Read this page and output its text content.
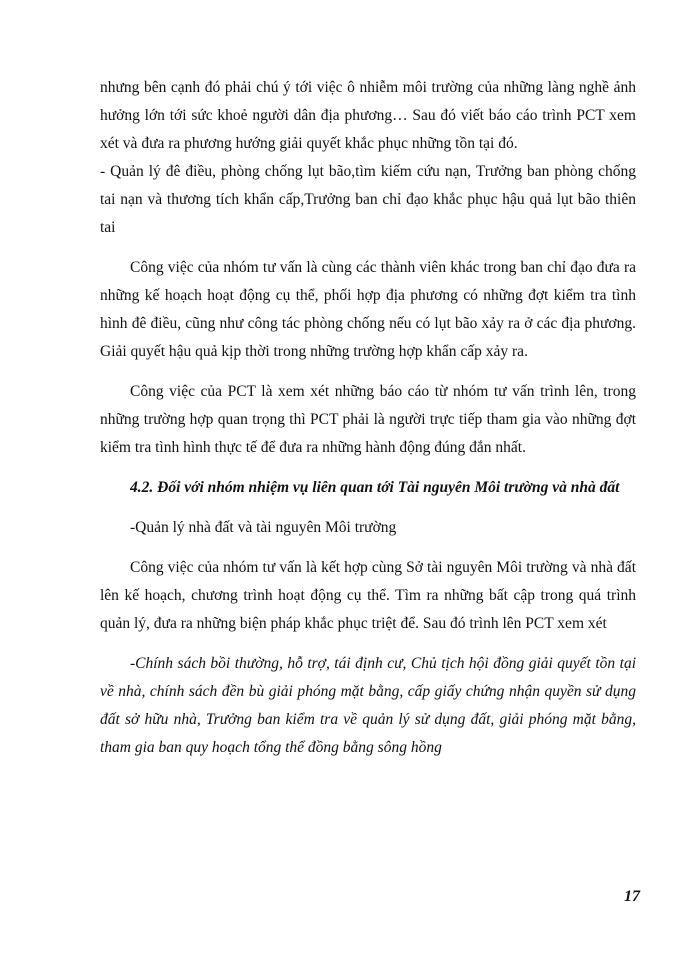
nhưng bên cạnh đó phải chú ý tới việc ô nhiễm môi trường của những làng nghề ảnh hưởng lớn tới sức khoẻ người dân địa phương… Sau đó viết báo cáo trình PCT xem xét và đưa ra phương hướng giải quyết khắc phục những tồn tại đó.

- Quản lý đê điều, phòng chống lụt bão,tìm kiếm cứu nạn, Trưởng ban phòng chống tai nạn và thương tích khẩn cấp,Trưởng ban chỉ đạo khắc phục hậu quả lụt bão thiên tai

Công việc của nhóm tư vấn là cùng các thành viên khác trong ban chỉ đạo đưa ra những kế hoạch hoạt động cụ thể, phối hợp địa phương có những đợt kiểm tra tình hình đê điều, cũng như công tác phòng chống nếu có lụt bão xảy ra ở các địa phương. Giải quyết hậu quả kịp thời trong những trường hợp khẩn cấp xảy ra.

Công việc của PCT là xem xét những báo cáo từ nhóm tư vấn trình lên, trong những trường hợp quan trọng thì PCT phải là người trực tiếp tham gia vào những đợt kiểm tra tình hình thực tế để đưa ra những hành động đúng đắn nhất.

4.2. Đối với nhóm nhiệm vụ liên quan tới Tài nguyên Môi trường và nhà đất

-Quản lý nhà đất và tài nguyên Môi trường

Công việc của nhóm tư vấn là kết hợp cùng Sở tài nguyên Môi trường và nhà đất lên kế hoạch, chương trình hoạt động cụ thể. Tìm ra những bất cập trong quá trình quản lý, đưa ra những biện pháp khắc phục triệt để. Sau đó trình lên PCT xem xét

-Chính sách bồi thường, hỗ trợ, tái định cư, Chủ tịch hội đồng giải quyết tồn tại về nhà, chính sách đền bù giải phóng mặt bằng, cấp giấy chứng nhận quyền sử dụng đất sở hữu nhà, Trưởng ban kiểm tra về quản lý sử dụng đất, giải phóng mặt bằng, tham gia ban quy hoạch tổng thể đồng bằng sông hồng

17
